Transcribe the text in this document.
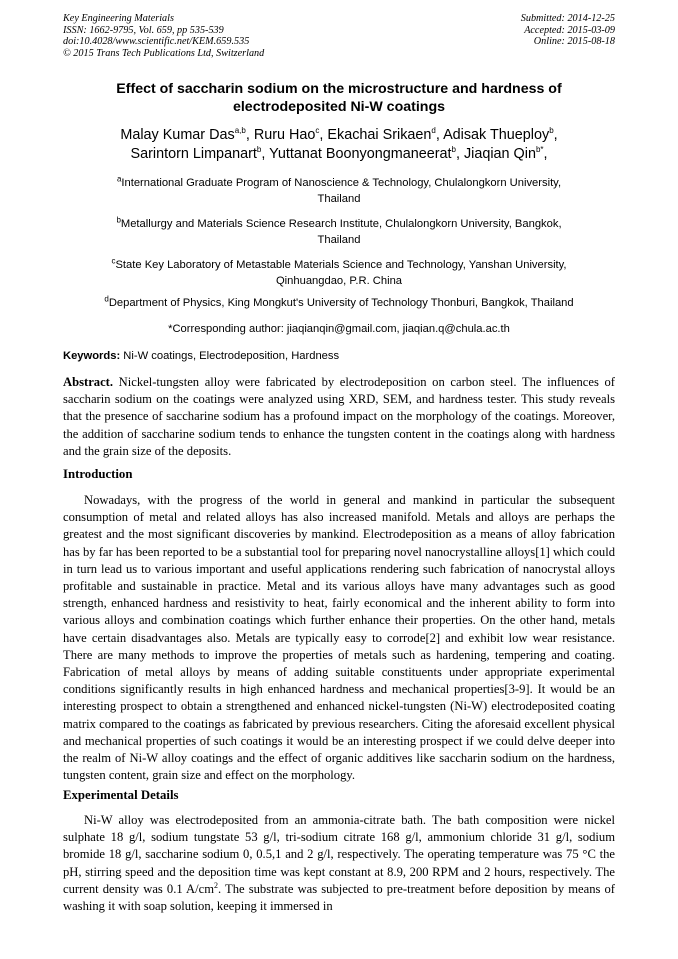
Key Engineering Materials
ISSN: 1662-9795, Vol. 659, pp 535-539
doi:10.4028/www.scientific.net/KEM.659.535
© 2015 Trans Tech Publications Ltd, Switzerland
Submitted: 2014-12-25
Accepted: 2015-03-09
Online: 2015-08-18
Effect of saccharin sodium on the microstructure and hardness of
electrodeposited Ni-W coatings
Malay Kumar Das$^{a,b}$, Ruru Hao$^c$, Ekachai Srikaen$^d$, Adisak Thueploy$^b$,
Sarintorn Limpanart$^b$, Yuttanat Boonyongmaneerat$^b$, Jiaqian Qin$^{b*}$,
$^a$International Graduate Program of Nanoscience & Technology, Chulalongkorn University,
Thailand
$^b$Metallurgy and Materials Science Research Institute, Chulalongkorn University, Bangkok,
Thailand
$^c$State Key Laboratory of Metastable Materials Science and Technology, Yanshan University,
Qinhuangdao, P.R. China
$^d$Department of Physics, King Mongkut's University of Technology Thonburi, Bangkok, Thailand
*Corresponding author: jiaqianqin@gmail.com, jiaqian.q@chula.ac.th
Keywords: Ni-W coatings, Electrodeposition, Hardness
Abstract. Nickel-tungsten alloy were fabricated by electrodeposition on carbon steel. The influences of saccharin sodium on the coatings were analyzed using XRD, SEM, and hardness tester. This study reveals that the presence of saccharine sodium has a profound impact on the morphology of the coatings. Moreover, the addition of saccharine sodium tends to enhance the tungsten content in the coatings along with hardness and the grain size of the deposits.
Introduction
Nowadays, with the progress of the world in general and mankind in particular the subsequent consumption of metal and related alloys has also increased manifold. Metals and alloys are perhaps the greatest and the most significant discoveries by mankind. Electrodeposition as a means of alloy fabrication has by far has been reported to be a substantial tool for preparing novel nanocrystalline alloys[1] which could in turn lead us to various important and useful applications rendering such fabrication of nanocrystal alloys profitable and sustainable in practice. Metal and its various alloys have many advantages such as good strength, enhanced hardness and resistivity to heat, fairly economical and the inherent ability to form into various alloys and combination coatings which further enhance their properties. On the other hand, metals have certain disadvantages also. Metals are typically easy to corrode[2] and exhibit low wear resistance. There are many methods to improve the properties of metals such as hardening, tempering and coating. Fabrication of metal alloys by means of adding suitable constituents under appropriate experimental conditions significantly results in high enhanced hardness and mechanical properties[3-9]. It would be an interesting prospect to obtain a strengthened and enhanced nickel-tungsten (Ni-W) electrodeposited coating matrix compared to the coatings as fabricated by previous researchers. Citing the aforesaid excellent physical and mechanical properties of such coatings it would be an interesting prospect if we could delve deeper into the realm of Ni-W alloy coatings and the effect of organic additives like saccharin sodium on the hardness, tungsten content, grain size and effect on the morphology.
Experimental Details
Ni-W alloy was electrodeposited from an ammonia-citrate bath. The bath composition were nickel sulphate 18 g/l, sodium tungstate 53 g/l, tri-sodium citrate 168 g/l, ammonium chloride 31 g/l, sodium bromide 18 g/l, saccharine sodium 0, 0.5,1 and 2 g/l, respectively. The operating temperature was 75 °C the pH, stirring speed and the deposition time was kept constant at 8.9, 200 RPM and 2 hours, respectively. The current density was 0.1 $A/cm^2$. The substrate was subjected to pre-treatment before deposition by means of washing it with soap solution, keeping it immersed in
